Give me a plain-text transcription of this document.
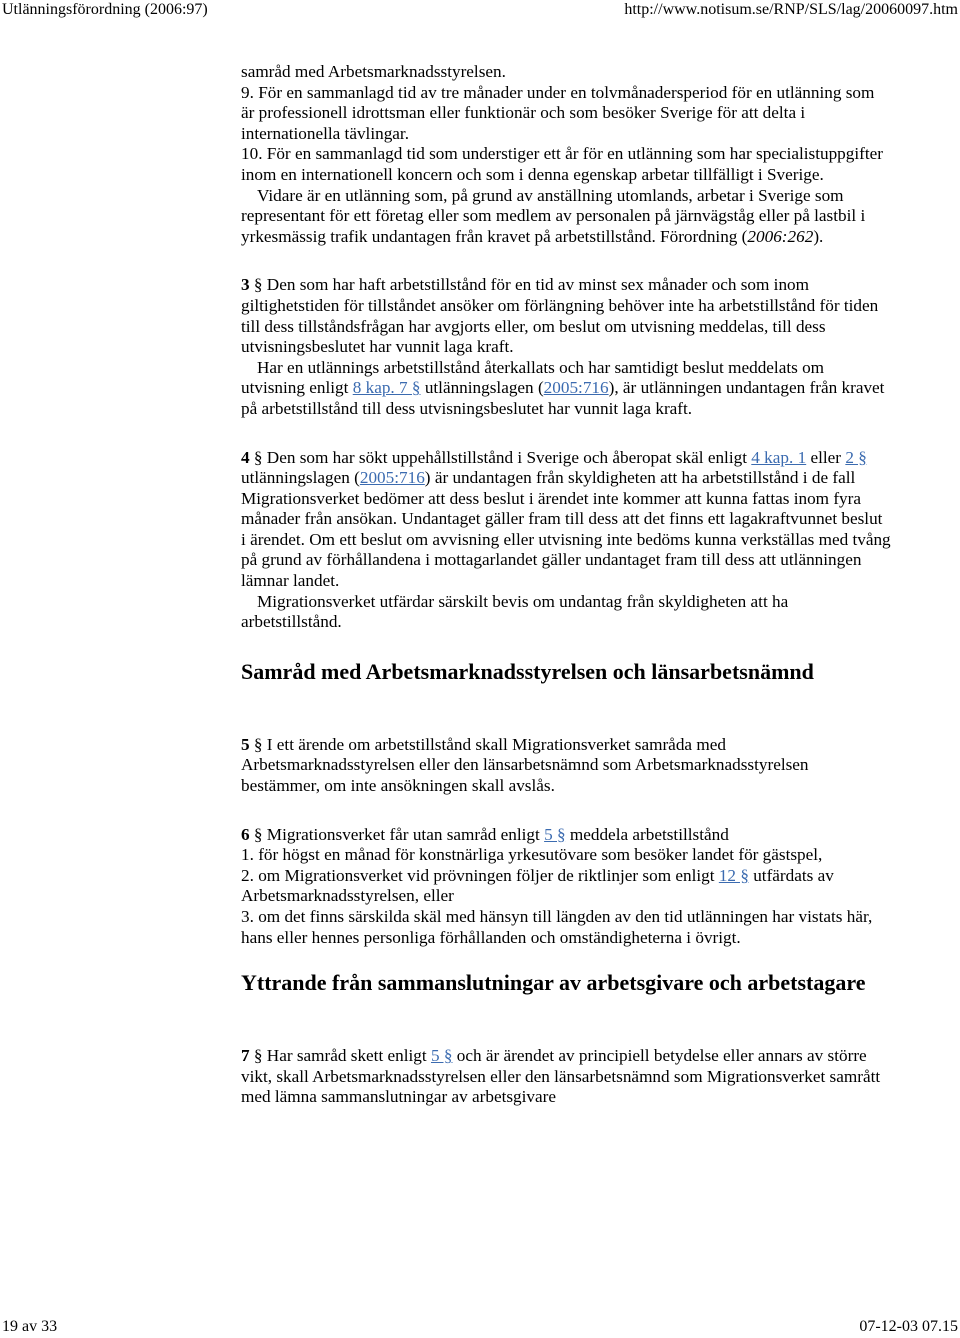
Utlänningsförordning (2006:97)	http://www.notisum.se/RNP/SLS/lag/20060097.htm

samråd med Arbetsmarknadsstyrelsen.

9. För en sammanlagd tid av tre månader under en tolvmånadersperiod för en utlänning som är professionell idrottsman eller funktionär och som besöker Sverige för att delta i internationella tävlingar.

10. För en sammanlagd tid som understiger ett år för en utlänning som har specialistuppgifter inom en internationell koncern och som i denna egenskap arbetar tillfälligt i Sverige.

Vidare är en utlänning som, på grund av anställning utomlands, arbetar i Sverige som representant för ett företag eller som medlem av personalen på järnvägståg eller på lastbil i yrkesmässig trafik undantagen från kravet på arbetstillstånd. Förordning (2006:262).

3 § Den som har haft arbetstillstånd för en tid av minst sex månader och som inom giltighetstiden för tillståndet ansöker om förlängning behöver inte ha arbetstillstånd för tiden till dess tillståndsfrågan har avgjorts eller, om beslut om utvisning meddelas, till dess utvisningsbeslutet har vunnit laga kraft.

Har en utlännings arbetstillstånd återkallats och har samtidigt beslut meddelats om utvisning enligt 8 kap. 7 § utlänningslagen (2005:716), är utlänningen undantagen från kravet på arbetstillstånd till dess utvisningsbeslutet har vunnit laga kraft.

4 § Den som har sökt uppehållstillstånd i Sverige och åberopat skäl enligt 4 kap. 1 eller 2 § utlänningslagen (2005:716) är undantagen från skyldigheten att ha arbetstillstånd i de fall Migrationsverket bedömer att dess beslut i ärendet inte kommer att kunna fattas inom fyra månader från ansökan. Undantaget gäller fram till dess att det finns ett lagakraftvunnet beslut i ärendet. Om ett beslut om avvisning eller utvisning inte bedöms kunna verkställas med tvång på grund av förhållandena i mottagarlandet gäller undantaget fram till dess att utlänningen lämnar landet.

Migrationsverket utfärdar särskilt bevis om undantag från skyldigheten att ha arbetstillstånd.

Samråd med Arbetsmarknadsstyrelsen och länsarbetsnämnd

5 § I ett ärende om arbetstillstånd skall Migrationsverket samråda med Arbetsmarknadsstyrelsen eller den länsarbetsnämnd som Arbetsmarknadsstyrelsen bestämmer, om inte ansökningen skall avslås.

6 § Migrationsverket får utan samråd enligt 5 § meddela arbetstillstånd

1. för högst en månad för konstnärliga yrkesutövare som besöker landet för gästspel,

2. om Migrationsverket vid prövningen följer de riktlinjer som enligt 12 § utfärdats av Arbetsmarknadsstyrelsen, eller

3. om det finns särskilda skäl med hänsyn till längden av den tid utlänningen har vistats här, hans eller hennes personliga förhållanden och omständigheterna i övrigt.

Yttrande från sammanslutningar av arbetsgivare och arbetstagare

7 § Har samråd skett enligt 5 § och är ärendet av principiell betydelse eller annars av större vikt, skall Arbetsmarknadsstyrelsen eller den länsarbetsnämnd som Migrationsverket samrått med lämna sammanslutningar av arbetsgivare

19 av 33	07-12-03 07.15
